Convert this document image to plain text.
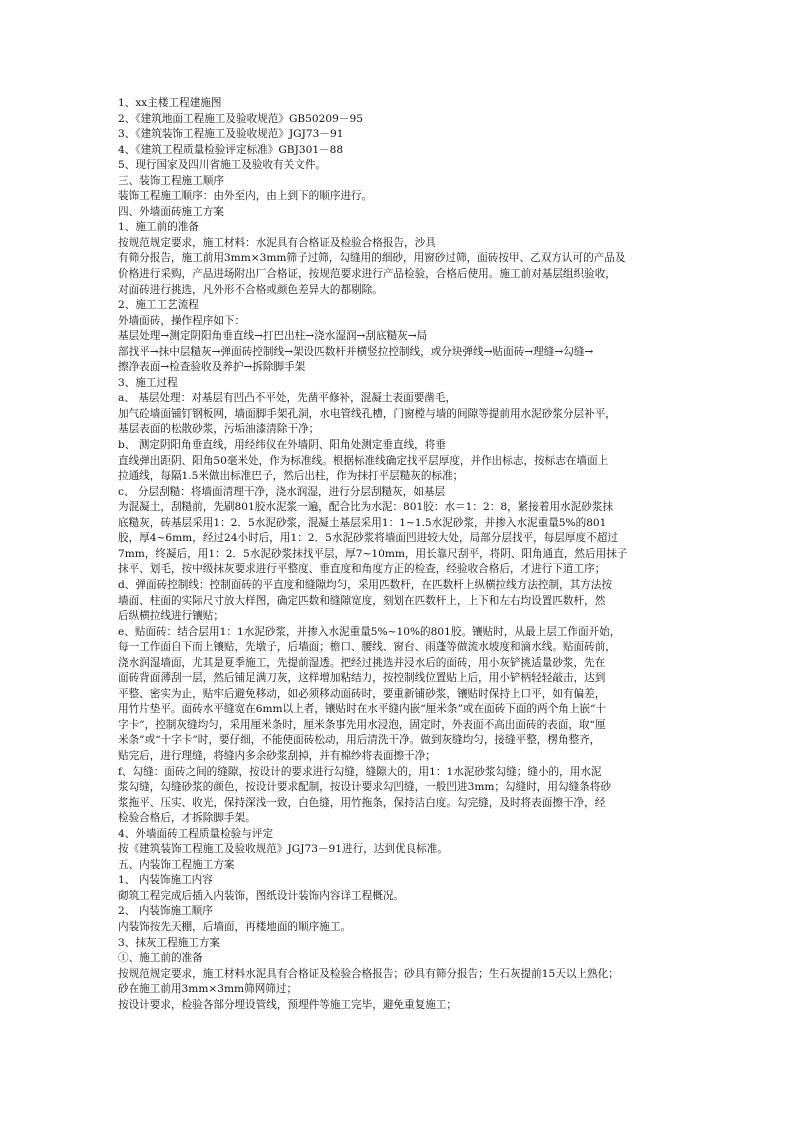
1、xx主楼工程建施图
2、《建筑地面工程施工及验收规范》GB50209－95
3、《建筑装饰工程施工及验收规范》JGJ73－91
4、《建筑工程质量检验评定标准》GBJ301－88
5、现行国家及四川省施工及验收有关文件。
三、装饰工程施工顺序
装饰工程施工顺序：由外至内，由上到下的顺序进行。
四、外墙面砖施工方案
1、施工前的准备
按规范规定要求，施工材料：水泥具有合格证及检验合格报告，沙具
有筛分报告，施工前用3mm×3mm筛子过筛，勾缝用的细砂，用窗砂过筛，面砖按甲、乙双方认可的产品及
价格进行采购，产品进场附出厂合格证，按规范要求进行产品检验，合格后使用。施工前对基层组织验收，
对面砖进行挑选，凡外形不合格或颜色差异大的都剔除。
2、施工工艺流程
外墙面砖，操作程序如下：
基层处理→测定阴阳角垂直线→打巴出柱→浇水湿润→刮底糙灰→局
部找平→抹中层糙灰→弹面砖控制线→架设匹数杆并横竖拉控制线，或分块弹线→贴面砖→理缝→勾缝→
擦净表面→检查验收及养护→拆除脚手架
3、施工过程
a、 基层处理：对基层有凹凸不平处，先凿平修补，混凝土表面要凿毛，
加气砼墙面铺钉钢板网，墙面脚手架孔洞，水电管线孔槽，门窗樘与墙的间隙等提前用水泥砂浆分层补平，
基层表面的松散砂浆，污垢油漆清除干净；
b、 测定阴阳角垂直线，用经纬仪在外墙阴、阳角处测定垂直线，将垂
直线弹出距阴、阳角50毫米处，作为标准线。根据标准线确定找平层厚度，并作出标志，按标志在墙面上
拉通线，每隔1.5米做出标准巴子，然后出柱，作为抹打平层糙灰的标准；
c、 分层刮糙：将墙面清理干净，浇水润湿，进行分层刮糙灰，如基层
为混凝土，刮糙前，先刷801胶水泥浆一遍，配合比为水泥：801胶：水＝1：2：8，紧接着用水泥砂浆抹
底糙灰，砖基层采用1：2．5水泥砂浆，混凝土基层采用1：1~1.5水泥砂浆，并掺入水泥重量5%的801
胶，厚4~6mm，经过24小时后，用1：2．5水泥砂浆将墙面凹进较大处，局部分层找平，每层厚度不超过
7mm，终凝后，用1：2．5水泥砂浆抹找平层，厚7~10mm，用长靠尺刮平，将阴、阳角通直，然后用抹子
抹平、划毛，按中级抹灰要求进行平整度、垂直度和角度方正的检查，经验收合格后，才进行下道工序；
d、弹面砖控制线：控制面砖的平直度和缝隙均匀，采用匹数杆，在匹数杆上纵横拉线方法控制，其方法按
墙面、柱面的实际尺寸放大样图，确定匹数和缝隙宽度，刻划在匹数杆上，上下和左右均设置匹数杆，然
后纵横拉线进行镶贴；
e、贴面砖：结合层用1：1水泥砂浆，并掺入水泥重量5%~10%的801胶。镶贴时，从最上层工作面开始，
每一工作面自下而上镶贴，先墩子，后墙面；檐口、腰线、窗台、雨蓬等做流水坡度和滴水线。贴面砖前，
浇水润湿墙面，尤其是夏季施工，先提前湿透。把经过挑选并浸水后的面砖，用小灰铲挑适量砂浆，先在
面砖背面薄刮一层，然后铺足满刀灰，这样增加粘结力，按控制线位置贴上后，用小铲柄轻轻敲击，达到
平整、密实为止，贴牢后避免移动，如必须移动面砖时，要重新铺砂浆，镶贴时保持上口平，如有偏差，
用竹片垫平。面砖水平缝宽在6mm以上者，镶贴时在水平缝内嵌“厘米条”或在面砖下面的两个角上嵌“十
字卡”，控制灰缝均匀，采用厘米条时，厘米条事先用水浸泡，固定时，外表面不高出面砖的表面，取“厘
米条”或“十字卡”时，要仔细，不能使面砖松动，用后清洗干净。做到灰缝均匀，接缝平整，楞角整齐，
贴完后，进行理缝，将缝内多余砂浆刮掉，并有棉纱将表面擦干净；
f、勾缝：面砖之间的缝隙，按设计的要求进行勾缝，缝隙大的，用1：1水泥砂浆勾缝；缝小的，用水泥
浆勾缝，勾缝砂浆的颜色，按设计要求配制，按设计要求勾凹缝，一般凹进3mm；勾缝时，用勾缝条将砂
浆拖平、压实、收光，保持深浅一致，白色缝，用竹拖条，保持洁白度。勾完缝，及时将表面擦干净，经
检验合格后，才拆除脚手架。
4、外墙面砖工程质量检验与评定
按《建筑装饰工程施工及验收规范》JGJ73－91进行，达到优良标准。
五、内装饰工程施工方案
1、 内装饰施工内容
砌筑工程完成后插入内装饰，图纸设计装饰内容详工程概况。
2、 内装饰施工顺序
内装饰按先天棚，后墙面，再楼地面的顺序施工。
3、抹灰工程施工方案
①、施工前的准备
按规范规定要求，施工材料水泥具有合格证及检验合格报告；砂具有筛分报告；生石灰提前15天以上熟化；
砂在施工前用3mm×3mm筛网筛过；
按设计要求，检验各部分埋设管线，预埋件等施工完毕，避免重复施工；
